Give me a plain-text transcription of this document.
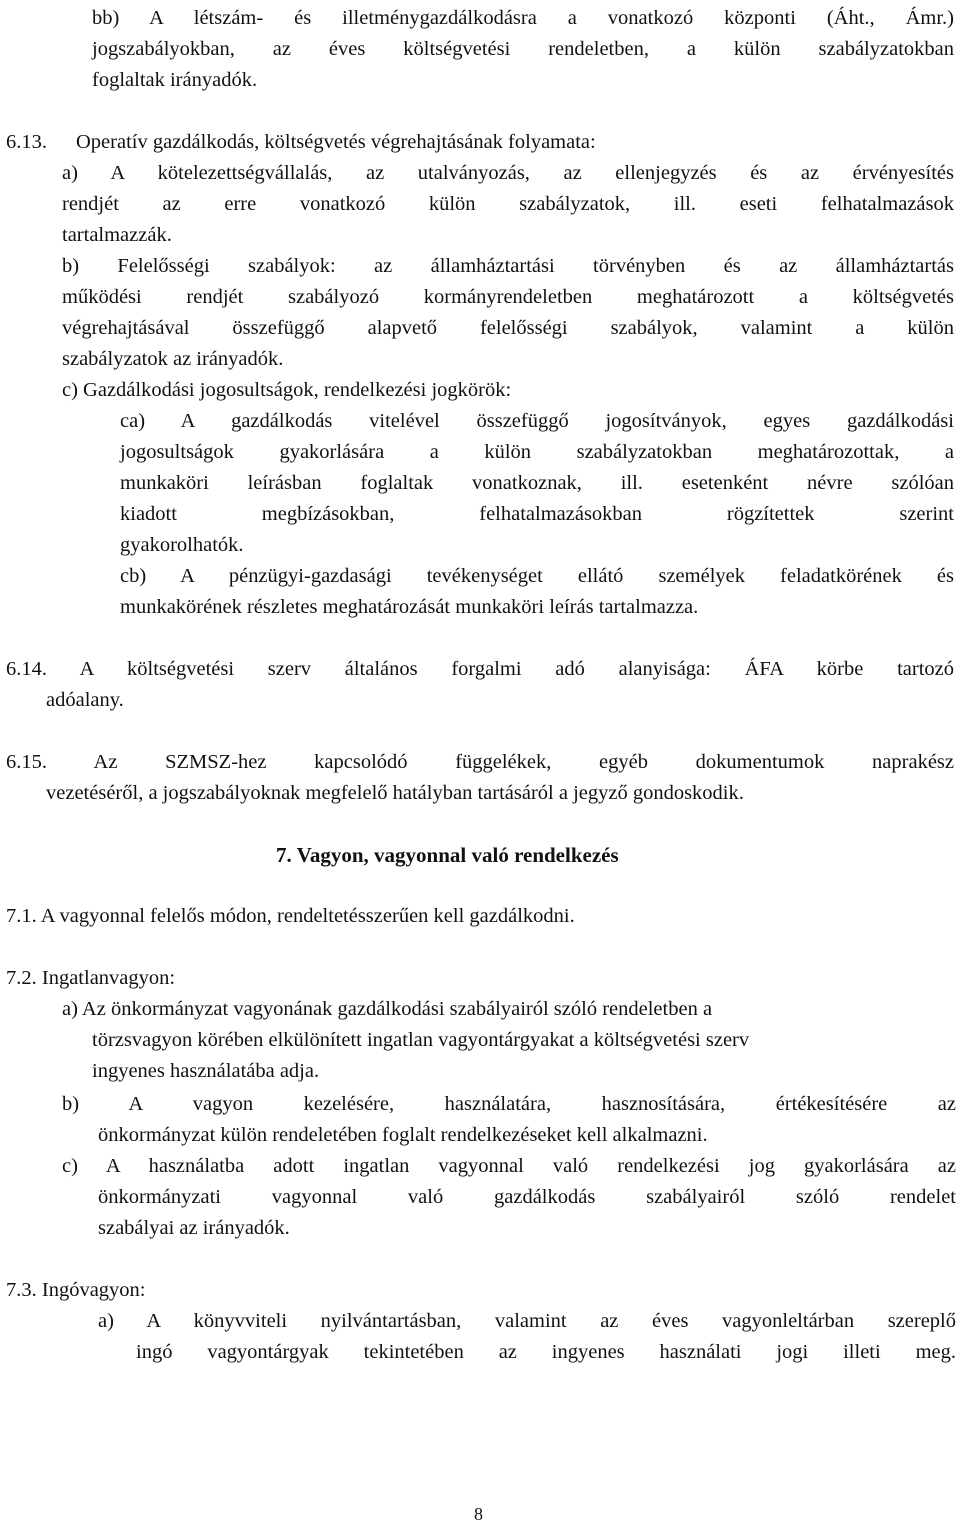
bb) A létszám- és illetménygazdálkodásra a vonatkozó központi (Áht., Ámr.)
jogszabályokban, az éves költségvetési rendeletben, a külön szabályzatokban
foglaltak irányadók.
6.13. Operatív gazdálkodás, költségvetés végrehajtásának folyamata:
a) A kötelezettségvállalás, az utalványozás, az ellenjegyzés és az érvényesítés
rendjét az erre vonatkozó külön szabályzatok, ill. eseti felhatalmazások
tartalmazzák.
b) Felelősségi szabályok: az államháztartási törvényben és az államháztartás
működési rendjét szabályozó kormányrendeletben meghatározott a költségvetés
végrehajtásával összefüggő alapvető felelősségi szabályok, valamint a külön
szabályzatok az irányadók.
c) Gazdálkodási jogosultságok, rendelkezési jogkörök:
ca) A gazdálkodás vitelével összefüggő jogosítványok, egyes gazdálkodási
jogosultságok gyakorlására a külön szabályzatokban meghatározottak, a
munkaköri leírásban foglaltak vonatkoznak, ill. esetenként névre szólóan
kiadott megbízásokban, felhatalmazásokban rögzítettek szerint
gyakorolhatók.
cb) A pénzügyi-gazdasági tevékenységet ellátó személyek feladatkörének és
munkakörének részletes meghatározását munkaköri leírás tartalmazza.
6.14. A költségvetési szerv általános forgalmi adó alanyisága: ÁFA körbe tartozó
adóalany.
6.15. Az SZMSZ-hez kapcsolódó függelékek, egyéb dokumentumok naprakész
vezetéséről, a jogszabályoknak megfelelő hatályban tartásáról a jegyző gondoskodik.
7. Vagyon, vagyonnal való rendelkezés
7.1. A vagyonnal felelős módon, rendeltetésszerűen kell gazdálkodni.
7.2. Ingatlanvagyon:
a) Az önkormányzat vagyonának gazdálkodási szabályairól szóló rendeletben a
törzsvagyon körében elkülönített ingatlan vagyontárgyakat a költségvetési szerv
ingyenes használatába adja.
b) A vagyon kezelésére, használatára, hasznosítására, értékesítésére az
önkormányzat külön rendeletében foglalt rendelkezéseket kell alkalmazni.
c) A használatba adott ingatlan vagyonnal való rendelkezési jog gyakorlására az
önkormányzati vagyonnal való gazdálkodás szabályairól szóló rendelet
szabályai az irányadók.
7.3. Ingóvagyon:
a) A könyvviteli nyilvántartásban, valamint az éves vagyonleltárban szereplő
ingó vagyontárgyak tekintetében az ingyenes használati jogi illeti meg.
8
